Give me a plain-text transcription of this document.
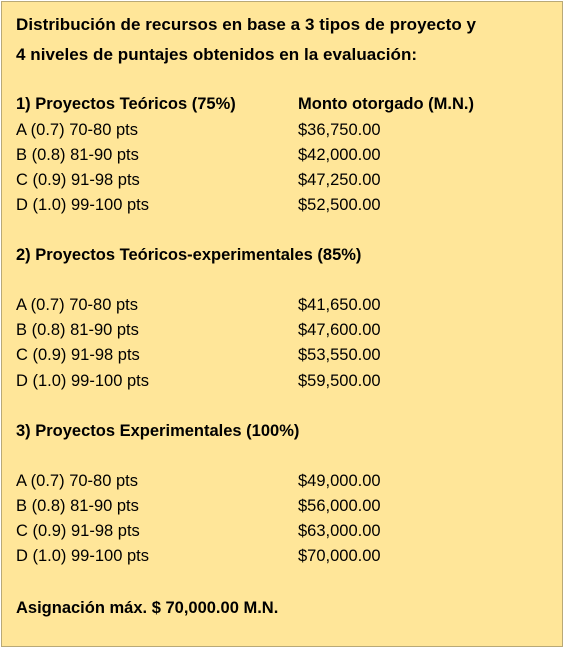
Distribución de recursos en base a 3 tipos de proyecto y
4 niveles de puntajes obtenidos en la evaluación:
1) Proyectos Teóricos (75%)	Monto otorgado (M.N.)
A (0.7) 70-80 pts	$36,750.00
B (0.8) 81-90 pts	$42,000.00
C (0.9) 91-98 pts	$47,250.00
D (1.0) 99-100 pts	$52,500.00
2) Proyectos Teóricos-experimentales (85%)
A (0.7) 70-80 pts	$41,650.00
B (0.8) 81-90 pts	$47,600.00
C (0.9) 91-98 pts	$53,550.00
D (1.0) 99-100 pts	$59,500.00
3) Proyectos Experimentales (100%)
A (0.7) 70-80 pts	$49,000.00
B (0.8) 81-90 pts	$56,000.00
C (0.9) 91-98 pts	$63,000.00
D (1.0) 99-100 pts	$70,000.00
Asignación máx. $ 70,000.00 M.N.
